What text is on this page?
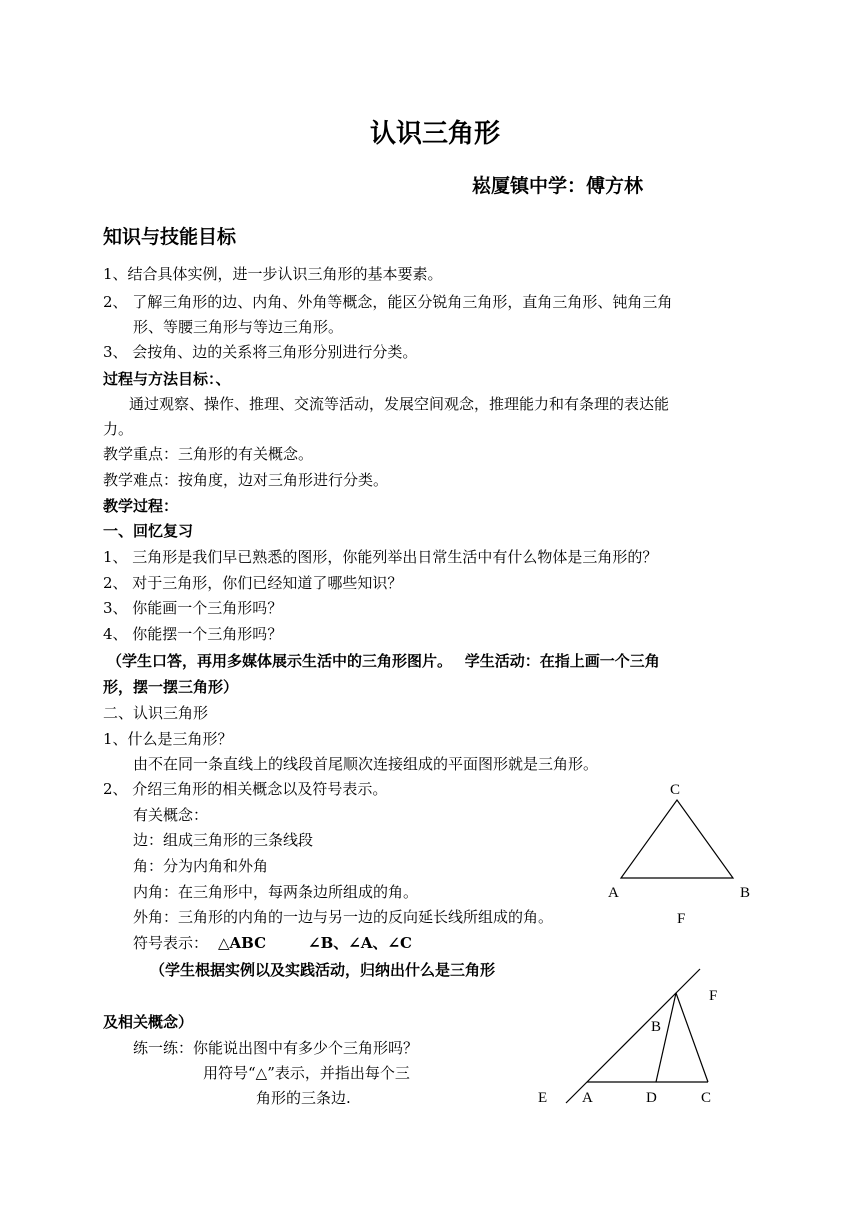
认识三角形
崧厦镇中学：傅方林
知识与技能目标
1、结合具体实例，进一步认识三角形的基本要素。
2、 了解三角形的边、内角、外角等概念，能区分锐角三角形，直角三角形、钝角三角
形、等腰三角形与等边三角形。
3、 会按角、边的关系将三角形分别进行分类。
过程与方法目标：、
通过观察、操作、推理、交流等活动，发展空间观念，推理能力和有条理的表达能
力。
教学重点：三角形的有关概念。
教学难点：按角度，边对三角形进行分类。
教学过程：
一、回忆复习
1、 三角形是我们早已熟悉的图形，你能列举出日常生活中有什么物体是三角形的？
2、 对于三角形，你们已经知道了哪些知识？
3、 你能画一个三角形吗？
4、 你能摆一个三角形吗？
（学生口答，再用多媒体展示生活中的三角形图片。　 学生活动：在指上画一个三角
形，摆一摆三角形）
二、认识三角形
1、什么是三角形？
由不在同一条直线上的线段首尾顺次连接组成的平面图形就是三角形。
2、 介绍三角形的相关概念以及符号表示。
有关概念：
边：组成三角形的三条线段
角：分为内角和外角
内角：在三角形中，每两条边所组成的角。
外角：三角形的内角的一边与另一边的反向延长线所组成的角。
符号表示： △ABC	∠B、∠A、∠C
（学生根据实例以及实践活动，归纳出什么是三角形
及相关概念）
练一练：你能说出图中有多少个三角形吗？
用符号“△”表示，并指出每个三
角形的三条边.
C
A	B
F
F
B
E A	D	C
